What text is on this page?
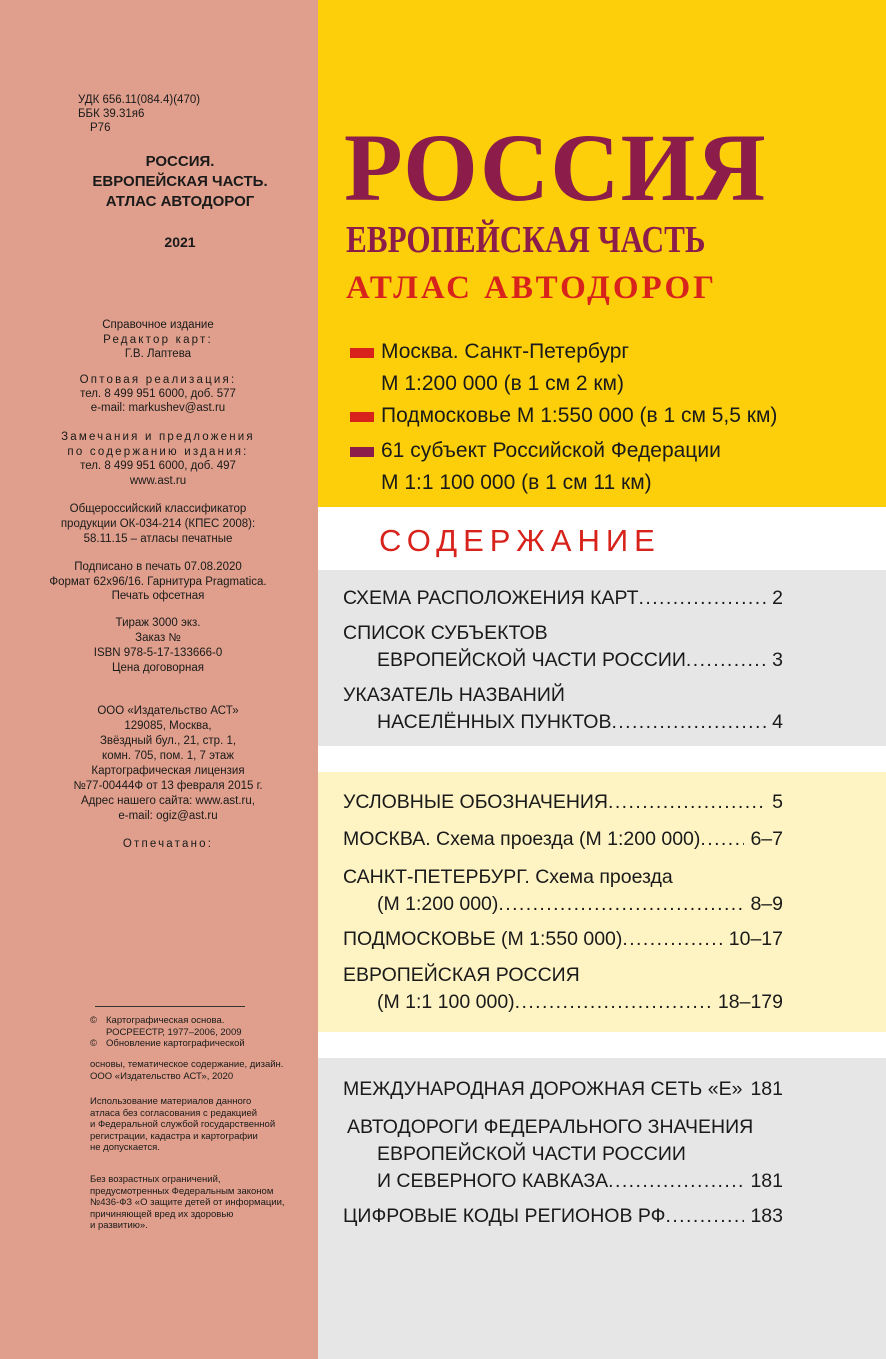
УДК 656.11(084.4)(470)
ББК 39.31я6
Р76
РОССИЯ.
ЕВРОПЕЙСКАЯ ЧАСТЬ.
АТЛАС АВТОДОРОГ
2021
Справочное издание
Редактор карт:
Г.В. Лаптева
Оптовая реализация:
тел. 8 499 951 6000, доб. 577
e-mail: markushev@ast.ru
Замечания и предложения
по содержанию издания:
тел. 8 499 951 6000, доб. 497
www.ast.ru
Общероссийский классификатор
продукции ОК-034-214 (КПЕС 2008):
58.11.15 – атласы печатные
Подписано в печать 07.08.2020
Формат 62х96/16. Гарнитура Pragmatica.
Печать офсетная
Тираж 3000 экз.
Заказ №
ISBN 978-5-17-133666-0
Цена договорная
ООО «Издательство АСТ»
129085, Москва,
Звёздный бул., 21, стр. 1,
комн. 705, пом. 1, 7 этаж
Картографическая лицензия
№77-00444Ф от 13 февраля 2015 г.
Адрес нашего сайта: www.ast.ru,
e-mail: ogiz@ast.ru
Отпечатано:
© Картографическая основа.
РОСРЕЕСТР, 1977–2006, 2009
© Обновление картографической
основы, тематическое содержание, дизайн.
ООО «Издательство АСТ», 2020
Использование материалов данного
атласа без согласования с редакцией
и Федеральной службой государственной
регистрации, кадастра и картографии
не допускается.
Без возрастных ограничений,
предусмотренных Федеральным законом
№436-ФЗ «О защите детей от информации,
причиняющей вред их здоровью
и развитию».
РОССИЯ
ЕВРОПЕЙСКАЯ ЧАСТЬ
АТЛАС АВТОДОРОГ
Москва. Санкт-Петербург
М 1:200 000 (в 1 см 2 км)
Подмосковье М 1:550 000 (в 1 см 5,5 км)
61 субъект Российской Федерации
М 1:1 100 000 (в 1 см 11 км)
СОДЕРЖАНИЕ
СХЕМА РАСПОЛОЖЕНИЯ КАРТ . . .	2
СПИСОК СУБЪЕКТОВ
ЕВРОПЕЙСКОЙ ЧАСТИ РОССИИ . . .	3
УКАЗАТЕЛЬ НАЗВАНИЙ
НАСЕЛЁННЫХ ПУНКТОВ . . .	4
УСЛОВНЫЕ ОБОЗНАЧЕНИЯ . . .	5
МОСКВА. Схема проезда (М 1:200 000) . . .	6–7
САНКТ-ПЕТЕРБУРГ. Схема проезда
(М 1:200 000) . . .	8–9
ПОДМОСКОВЬЕ (М 1:550 000) . . .	10–17
ЕВРОПЕЙСКАЯ РОССИЯ
(М 1:1 100 000) . . .	18–179
МЕЖДУНАРОДНАЯ ДОРОЖНАЯ СЕТЬ «Е» . . . 181
АВТОДОРОГИ ФЕДЕРАЛЬНОГО ЗНАЧЕНИЯ
ЕВРОПЕЙСКОЙ ЧАСТИ РОССИИ
И СЕВЕРНОГО КАВКАЗА . . .	181
ЦИФРОВЫЕ КОДЫ РЕГИОНОВ РФ . . .	183
